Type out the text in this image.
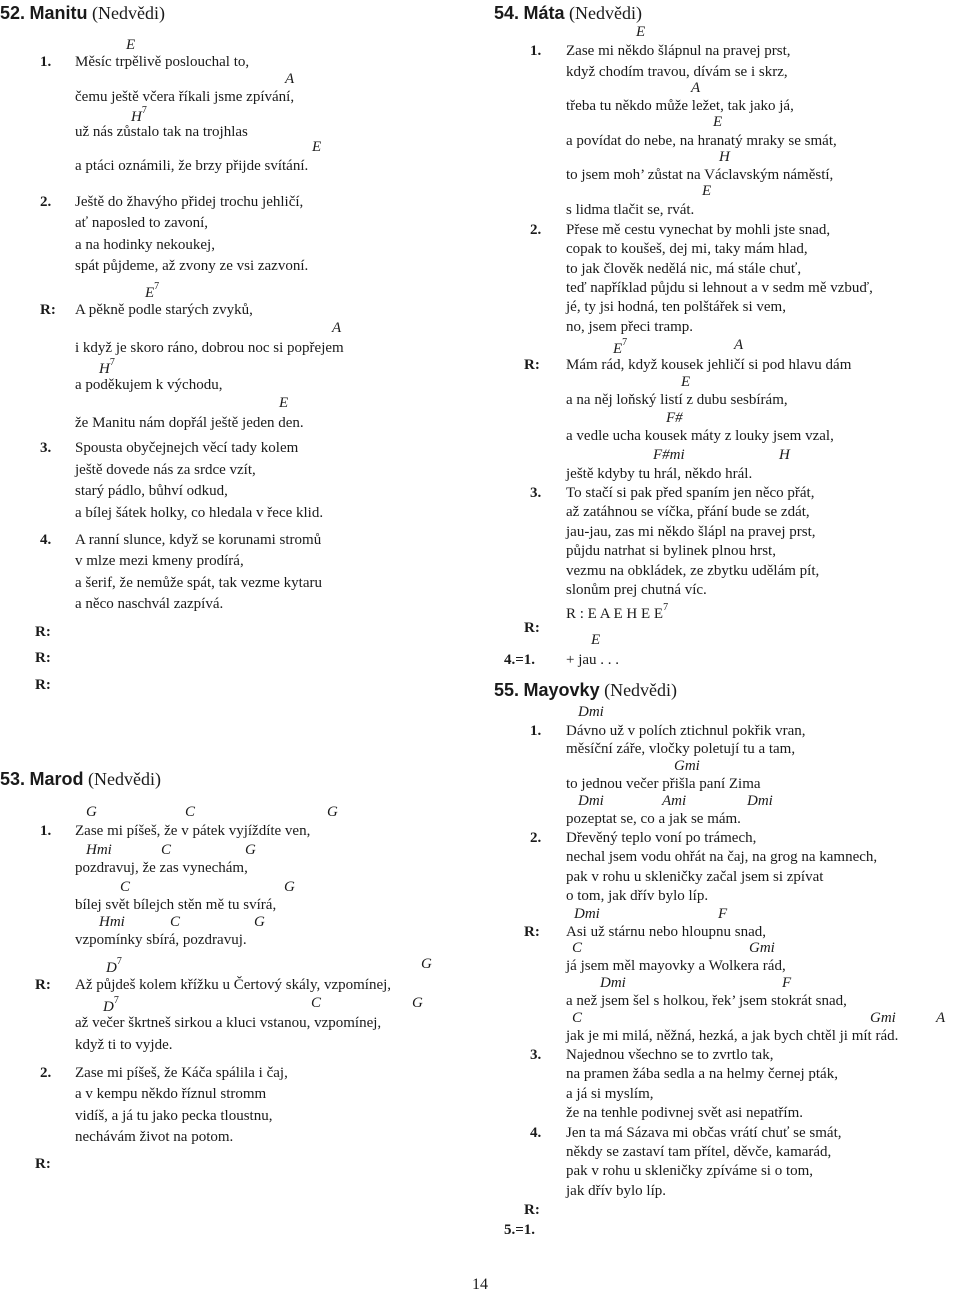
52. Manitu (Nedvědi)
1.
E
Měsíc trpělivě poslouchal to,
A
čemu ještě včera říkali jsme zpívání,
$H^7$
už nás zůstalo tak na trojhlas
E
a ptáci oznámili, že brzy přijde svítání.
2. Ještě do žhavýho přidej trochu jehličí,
ať naposled to zavoní,
a na hodinky nekoukej,
spát půjdeme, až zvony ze vsi zazvoní.
R:
$E^7$
A pěkně podle starých zvyků,
A
i když je skoro ráno, dobrou noc si popřejem
$H^7$
a poděkujem k východu,
E
že Manitu nám dopřál ještě jeden den.
3. Spousta obyčejnejch věcí tady kolem
ještě dovede nás za srdce vzít,
starý pádlo, bůhví odkud,
a bílej šátek holky, co hledala v řece klid.
4. A ranní slunce, když se korunami stromů
v mlze mezi kmeny prodírá,
a šerif, že nemůže spát, tak vezme kytaru
a něco naschvál zazpívá.
R:
R:
R:
53. Marod (Nedvědi)
1.
G	C	G
Zase mi píšeš, že v pátek vyjíždíte ven,
Hmi	C	G
pozdravuj, že zas vynechám,
C	G
bílej svět bílejch stěn mě tu svírá,
Hmi	C	G
vzpomínky sbírá, pozdravuj.
R:
$D^7$	G
Až půjdeš kolem křížku u Čertový skály, vzpomínej,
$D^7$	C	G
až večer škrtneš sirkou a kluci vstanou, vzpomínej,
když ti to vyjde.
2. Zase mi píšeš, že Káča spálila i čaj,
a v kempu někdo říznul stromm
vidíš, a já tu jako pecka tloustnu,
nechávám život na potom.
R:
54. Máta (Nedvědi)
1.
E
Zase mi někdo šlápnul na pravej prst,
A
když chodím travou, dívám se i skrz,
E
třeba tu někdo může ležet, tak jako já,
H
a povídat do nebe, na hranatý mraky se smát,
E
to jsem moh’ zůstat na Václavským náměstí,
s lidma tlačit se, rvát.
2. Přese mě cestu vynechat by mohli jste snad,
copak to koušeš, dej mi, taky mám hlad,
to jak člověk nedělá nic, má stále chuť,
teď například půjdu si lehnout a v sedm mě vzbuď,
jé, ty jsi hodná, ten polštářek si vem,
no, jsem přeci tramp.
R:
$E^7$	A
Mám rád, když kousek jehličí si pod hlavu dám
E
a na něj loňský listí z dubu sesbírám,
F#
a vedle ucha kousek máty z louky jsem vzal,
F#mi	H
ještě kdyby tu hrál, někdo hrál.
3. To stačí si pak před spaním jen něco přát,
až zatáhnou se víčka, přání bude se zdát,
jau-jau, zas mi někdo šlápl na pravej prst,
půjdu natrhat si bylinek plnou hrst,
vezmu na obkládek, ze zbytku udělám pít,
slonům prej chutná víc.
R : E A E H E $E^7$
R:
E
4.=1. + jau . . .
55. Mayovky (Nedvědi)
1.
Dmi
Dávno už v polích ztichnul pokřik vran,
měsíční záře, vločky poletují tu a tam,
Gmi
to jednou večer přišla paní Zima
Dmi	Ami	Dmi
pozeptat se, co a jak se mám.
2. Dřevěný teplo voní po trámech,
nechal jsem vodu ohřát na čaj, na grog na kamnech,
pak v rohu u skleničky začal jsem si zpívat
o tom, jak dřív bylo líp.
R:
Dmi	F
Asi už stárnu nebo hloupnu snad,
C	Gmi
já jsem měl mayovky a Wolkera rád,
Dmi	F
a než jsem šel s holkou, řek’ jsem stokrát snad,
C	Gmi	A
jak je mi milá, něžná, hezká, a jak bych chtěl ji mít rád.
3. Najednou všechno se to zvrtlo tak,
na pramen žába sedla a na helmy černej pták,
a já si myslím,
že na tenhle podivnej svět asi nepatřím.
4. Jen ta má Sázava mi občas vrátí chuť se smát,
někdy se zastaví tam přítel, děvče, kamarád,
pak v rohu u skleničky zpíváme si o tom,
jak dřív bylo líp.
R:
5.=1.
14
